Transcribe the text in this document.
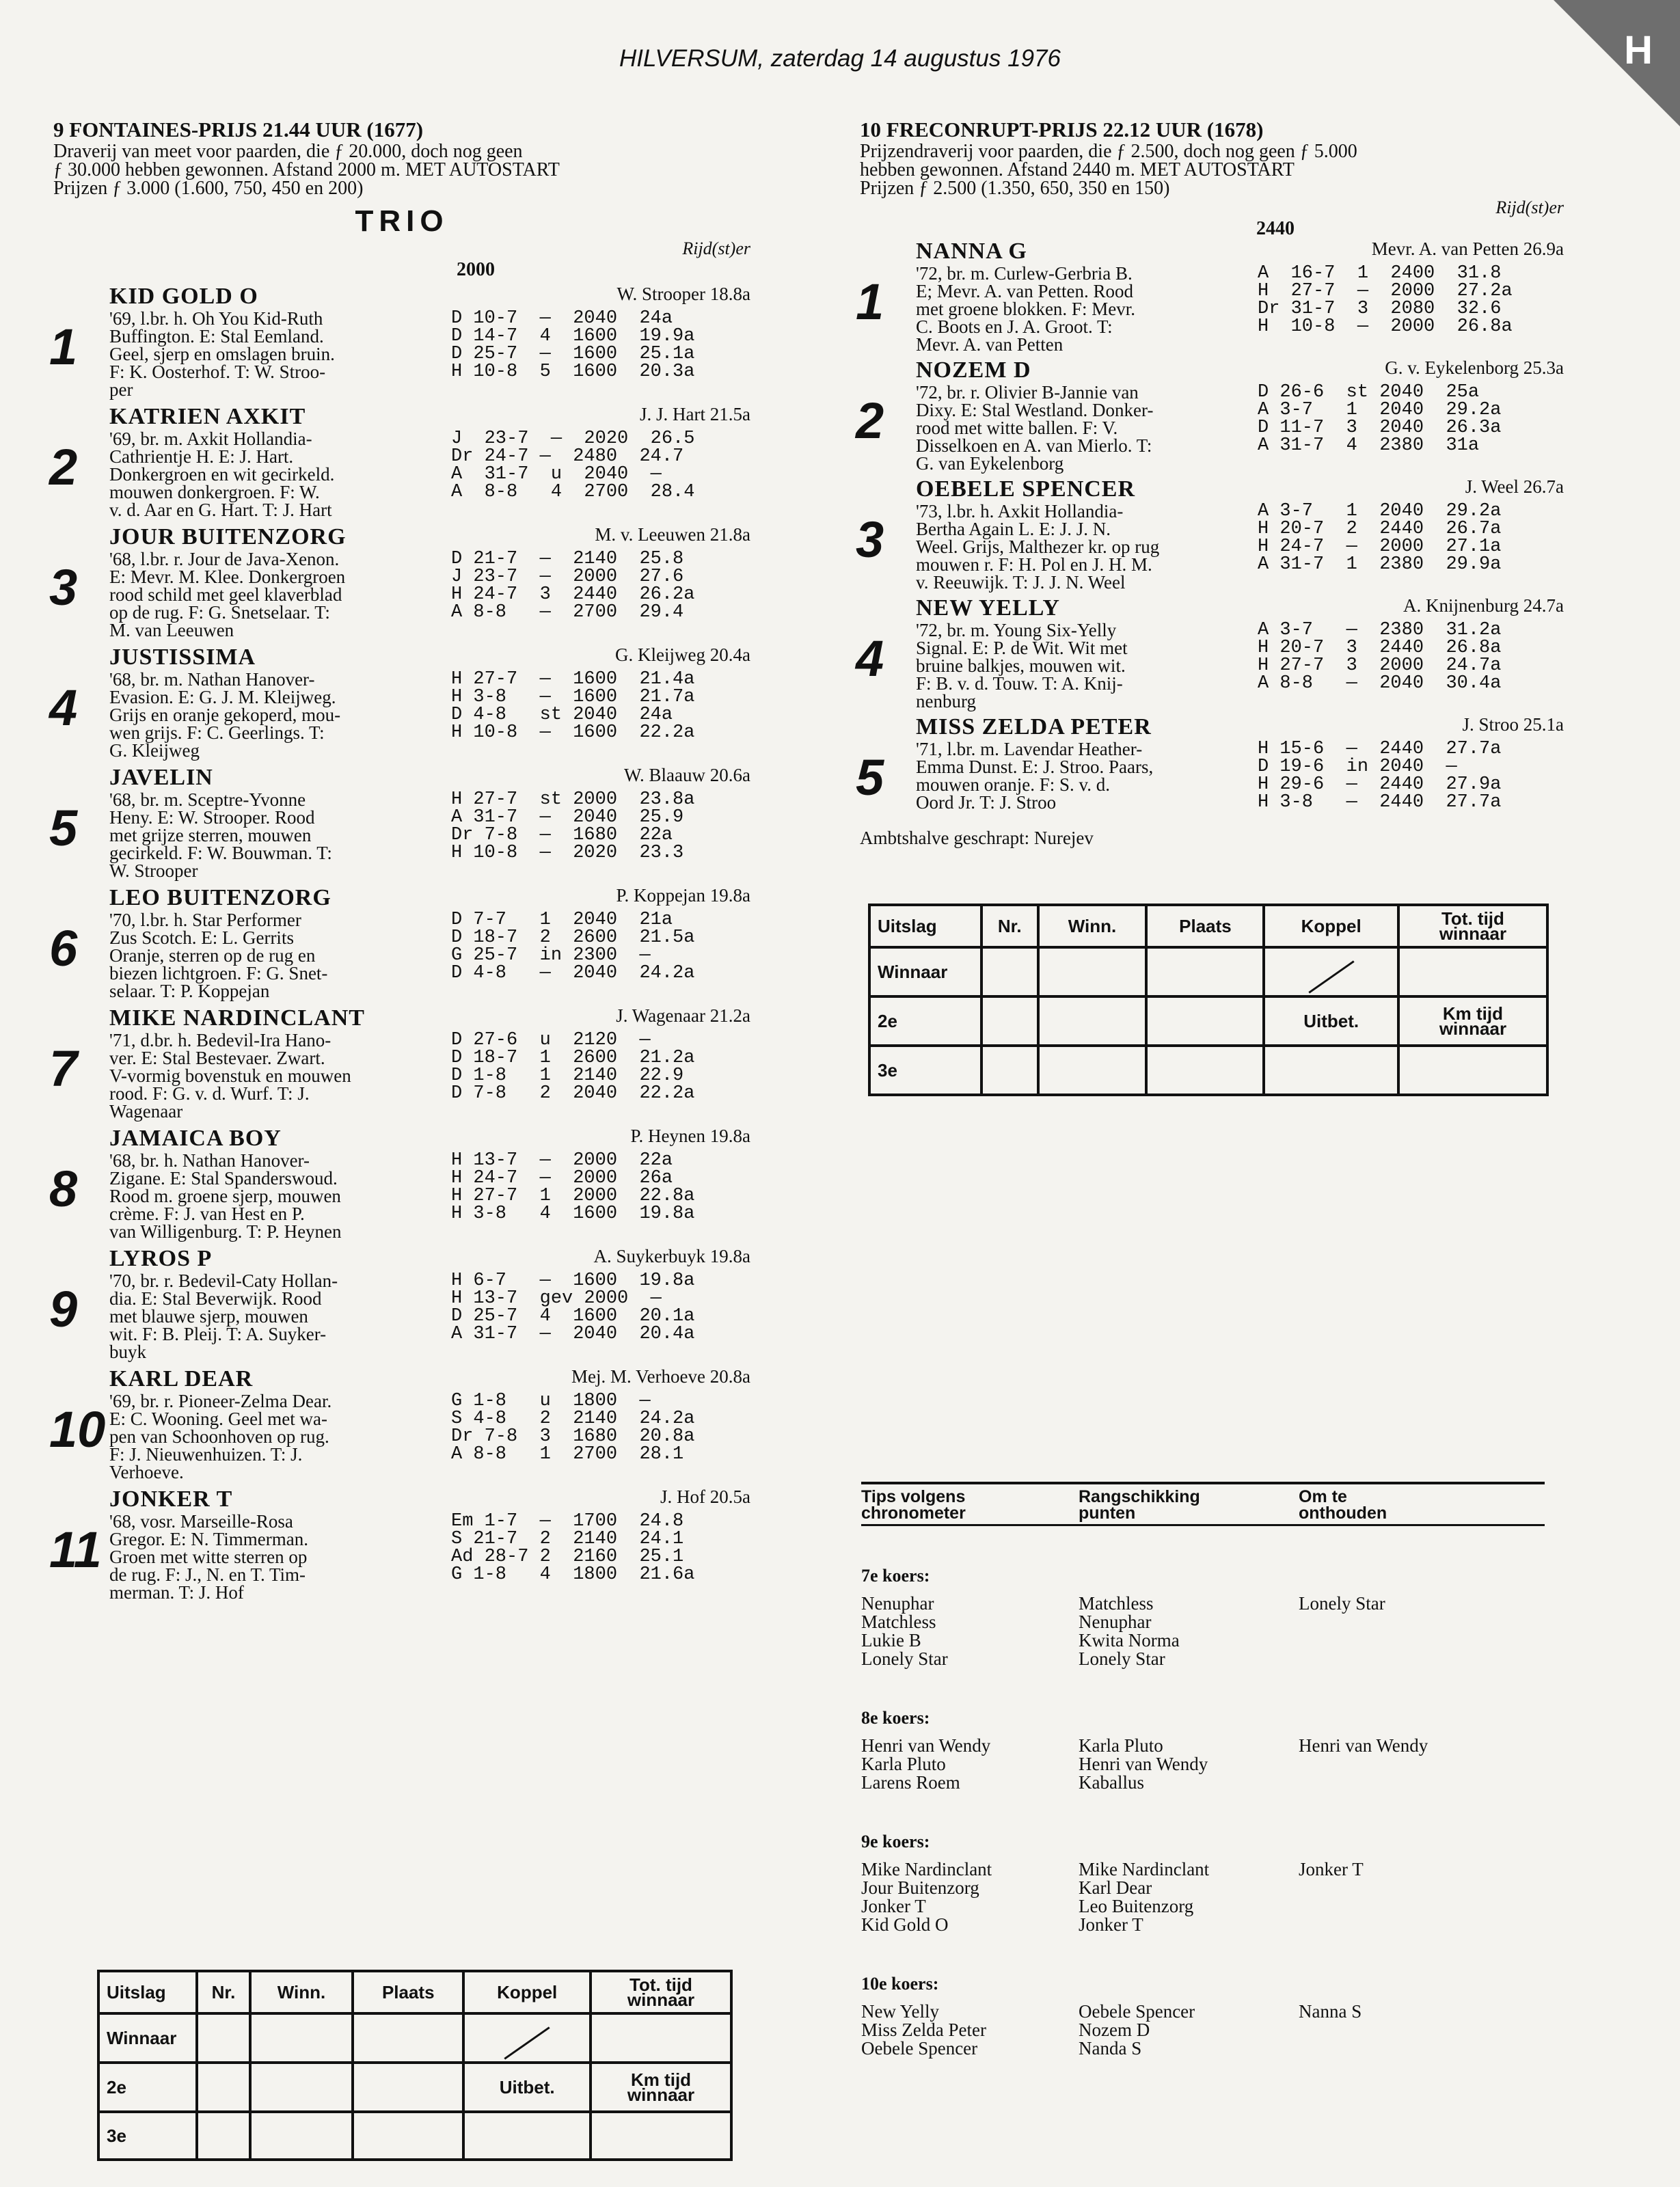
H
HILVERSUM, zaterdag 14 augustus 1976
9 FONTAINES-PRIJS 21.44 UUR (1677)
Draverij van meet voor paarden, die ƒ 20.000, doch nog geen
ƒ 30.000 hebben gewonnen. Afstand 2000 m. MET AUTOSTART
Prijzen ƒ 3.000 (1.600, 750, 450 en 200)
TRIO
Rijd(st)er
2000
1
KID GOLD O	W. Strooper 18.8a
'69, l.br. h. Oh You Kid-Ruth
Buffington. E: Stal Eemland.
Geel, sjerp en omslagen bruin.
F: K. Oosterhof. T: W. Stroo-
per
D 10-7  —  2040  24a
D 14-7  4  1600  19.9a
D 25-7  —  1600  25.1a
H 10-8  5  1600  20.3a
2
KATRIEN AXKIT	J. J. Hart 21.5a
'69, br. m. Axkit Hollandia-
Cathrientje H. E: J. Hart.
Donkergroen en wit gecirkeld.
mouwen donkergroen. F: W.
v. d. Aar en G. Hart. T: J. Hart
J  23-7  —  2020  26.5
Dr 24-7 —  2480  24.7
A  31-7  u  2040  —
A  8-8   4  2700  28.4
3
JOUR BUITENZORG	M. v. Leeuwen 21.8a
'68, l.br. r. Jour de Java-Xenon.
E: Mevr. M. Klee. Donkergroen
rood schild met geel klaverblad
op de rug. F: G. Snetselaar. T:
M. van Leeuwen
D 21-7  —  2140  25.8
J 23-7  —  2000  27.6
H 24-7  3  2440  26.2a
A 8-8   —  2700  29.4
4
JUSTISSIMA	G. Kleijweg 20.4a
'68, br. m. Nathan Hanover-
Evasion. E: G. J. M. Kleijweg.
Grijs en oranje gekoperd, mou-
wen grijs. F: C. Geerlings. T:
G. Kleijweg
H 27-7  —  1600  21.4a
H 3-8   —  1600  21.7a
D 4-8   st 2040  24a
H 10-8  —  1600  22.2a
5
JAVELIN	W. Blaauw 20.6a
'68, br. m. Sceptre-Yvonne
Heny. E: W. Strooper. Rood
met grijze sterren, mouwen
gecirkeld. F: W. Bouwman. T:
W. Strooper
H 27-7  st 2000  23.8a
A 31-7  —  2040  25.9
Dr 7-8  —  1680  22a
H 10-8  —  2020  23.3
6
LEO BUITENZORG	P. Koppejan 19.8a
'70, l.br. h. Star Performer
Zus Scotch. E: L. Gerrits
Oranje, sterren op de rug en
biezen lichtgroen. F: G. Snet-
selaar. T: P. Koppejan
D 7-7   1  2040  21a
D 18-7  2  2600  21.5a
G 25-7  in 2300  —
D 4-8   —  2040  24.2a
7
MIKE NARDINCLANT	J. Wagenaar 21.2a
'71, d.br. h. Bedevil-Ira Hano-
ver. E: Stal Bestevaer. Zwart.
V-vormig bovenstuk en mouwen
rood. F: G. v. d. Wurf. T: J.
Wagenaar
D 27-6  u  2120  —
D 18-7  1  2600  21.2a
D 1-8   1  2140  22.9
D 7-8   2  2040  22.2a
8
JAMAICA BOY	P. Heynen 19.8a
'68, br. h. Nathan Hanover-
Zigane. E: Stal Spanderswoud.
Rood m. groene sjerp, mouwen
crème. F: J. van Hest en P.
van Willigenburg. T: P. Heynen
H 13-7  —  2000  22a
H 24-7  —  2000  26a
H 27-7  1  2000  22.8a
H 3-8   4  1600  19.8a
9
LYROS P	A. Suykerbuyk 19.8a
'70, br. r. Bedevil-Caty Hollan-
dia. E: Stal Beverwijk. Rood
met blauwe sjerp, mouwen
wit. F: B. Pleij. T: A. Suyker-
buyk
H 6-7   —  1600  19.8a
H 13-7  gev 2000  —
D 25-7  4  1600  20.1a
A 31-7  —  2040  20.4a
10
KARL DEAR	Mej. M. Verhoeve 20.8a
'69, br. r. Pioneer-Zelma Dear.
E: C. Wooning. Geel met wa-
pen van Schoonhoven op rug.
F: J. Nieuwenhuizen. T: J.
Verhoeve.
G 1-8   u  1800  —
S 4-8   2  2140  24.2a
Dr 7-8  3  1680  20.8a
A 8-8   1  2700  28.1
11
JONKER T	J. Hof 20.5a
'68, vosr. Marseille-Rosa
Gregor. E: N. Timmerman.
Groen met witte sterren op
de rug. F: J., N. en T. Tim-
merman. T: J. Hof
Em 1-7  —  1700  24.8
S 21-7  2  2140  24.1
Ad 28-7 2  2160  25.1
G 1-8   4  1800  21.6a
10 FRECONRUPT-PRIJS 22.12 UUR (1678)
Prijzendraverij voor paarden, die ƒ 2.500, doch nog geen ƒ 5.000
hebben gewonnen. Afstand 2440 m. MET AUTOSTART
Prijzen ƒ 2.500 (1.350, 650, 350 en 150)
Rijd(st)er
2440
1
NANNA G	Mevr. A. van Petten 26.9a
'72, br. m. Curlew-Gerbria B.
E; Mevr. A. van Petten. Rood
met groene blokken. F: Mevr.
C. Boots en J. A. Groot. T:
Mevr. A. van Petten
A  16-7  1  2400  31.8
H  27-7  —  2000  27.2a
Dr 31-7  3  2080  32.6
H  10-8  —  2000  26.8a
2
NOZEM D	G. v. Eykelenborg 25.3a
'72, br. r. Olivier B-Jannie van
Dixy. E: Stal Westland. Donker-
rood met witte ballen. F: V.
Disselkoen en A. van Mierlo. T:
G. van Eykelenborg
D 26-6  st 2040  25a
A 3-7   1  2040  29.2a
D 11-7  3  2040  26.3a
A 31-7  4  2380  31a
3
OEBELE SPENCER	J. Weel 26.7a
'73, l.br. h. Axkit Hollandia-
Bertha Again L. E: J. J. N.
Weel. Grijs, Malthezer kr. op rug
mouwen r. F: H. Pol en J. H. M.
v. Reeuwijk. T: J. J. N. Weel
A 3-7   1  2040  29.2a
H 20-7  2  2440  26.7a
H 24-7  —  2000  27.1a
A 31-7  1  2380  29.9a
4
NEW YELLY	A. Knijnenburg 24.7a
'72, br. m. Young Six-Yelly
Signal. E: P. de Wit. Wit met
bruine balkjes, mouwen wit.
F: B. v. d. Touw. T: A. Knij-
nenburg
A 3-7   —  2380  31.2a
H 20-7  3  2440  26.8a
H 27-7  3  2000  24.7a
A 8-8   —  2040  30.4a
5
MISS ZELDA PETER	J. Stroo 25.1a
'71, l.br. m. Lavendar Heather-
Emma Dunst. E: J. Stroo. Paars,
mouwen oranje. F: S. v. d.
Oord Jr. T: J. Stroo
H 15-6  —  2440  27.7a
D 19-6  in 2040  —
H 29-6  —  2440  27.9a
H 3-8   —  2440  27.7a
Ambtshalve geschrapt: Nurejev
Uitslag	Nr.	Winn.	Plaats	Koppel	Tot. tijd
winnaar

Winnaar					
2e				Uitbet.	Km tijd
winnaar

3e					
Uitslag	Nr.	Winn.	Plaats	Koppel	Tot. tijd
winnaar

Winnaar					
2e				Uitbet.	Km tijd
winnaar

3e					
Tips volgens
chronometer
Rangschikking
punten
Om te
onthouden
7e koers:
Nenuphar	Matchless	Lonely Star
Matchless	Nenuphar
Lukie B	Kwita Norma
Lonely Star	Lonely Star
8e koers:
Henri van Wendy	Karla Pluto	Henri van Wendy
Karla Pluto	Henri van Wendy
Larens Roem	Kaballus
9e koers:
Mike Nardinclant	Mike Nardinclant	Jonker T
Jour Buitenzorg	Karl Dear
Jonker T	Leo Buitenzorg
Kid Gold O	Jonker T
10e koers:
New Yelly	Oebele Spencer	Nanna S
Miss Zelda Peter	Nozem D
Oebele Spencer	Nanda S
